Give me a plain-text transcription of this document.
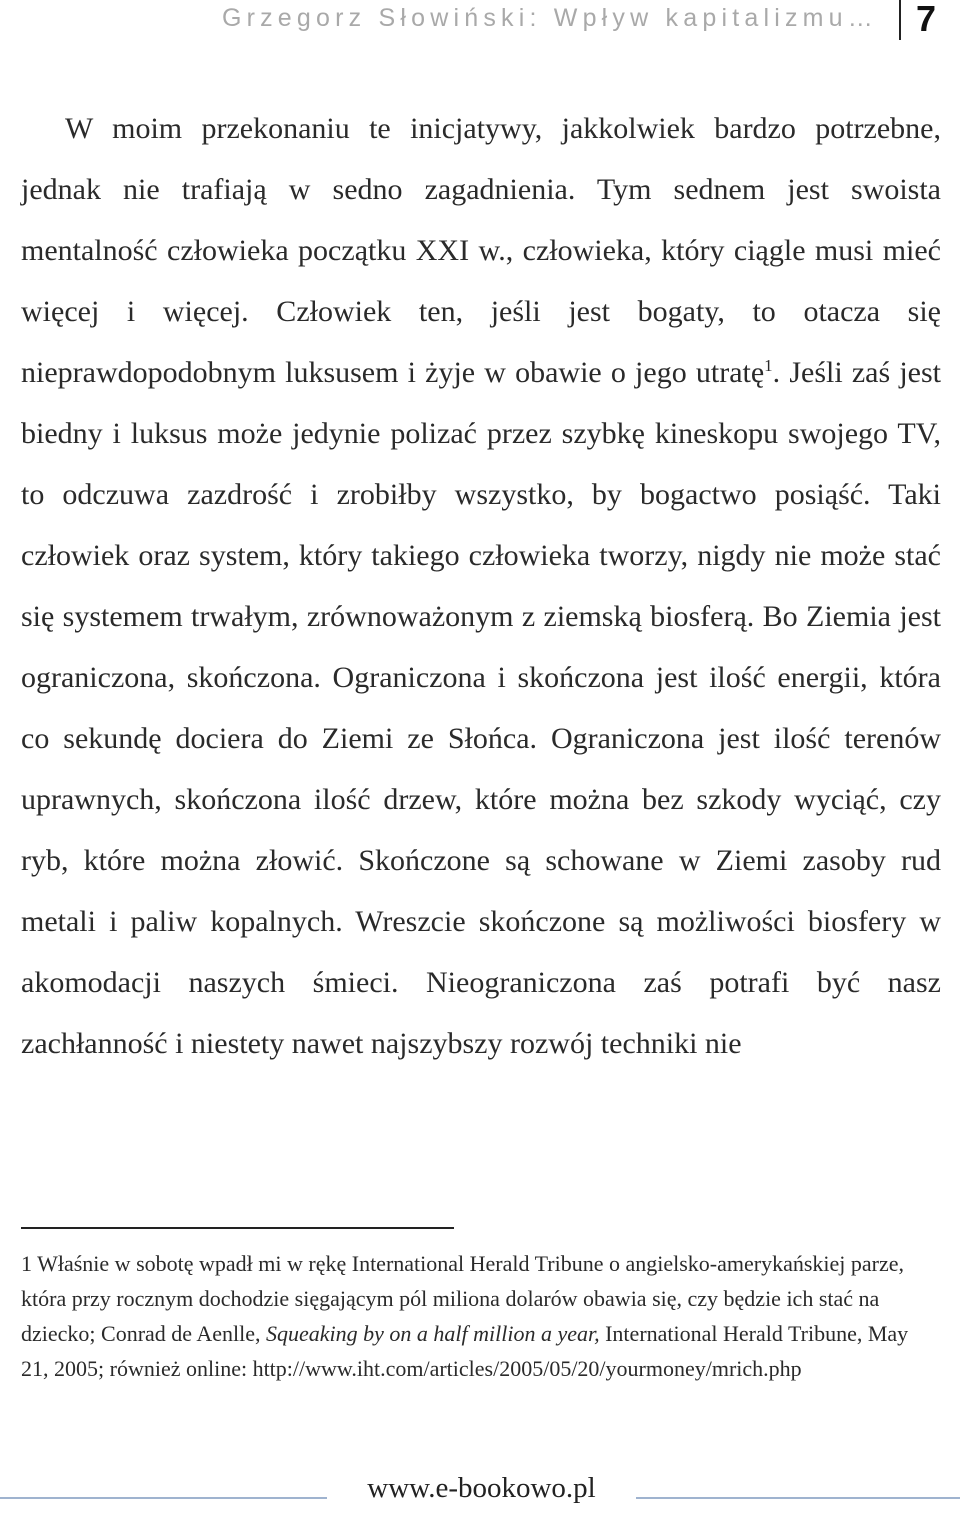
Grzegorz Słowiński: Wpływ kapitalizmu… 7

W moim przekonaniu te inicjatywy, jakkolwiek bardzo potrzebne, jednak nie trafiają w sedno zagadnienia. Tym sednem jest swoista mentalność człowieka początku XXI w., człowieka, który ciągle musi mieć więcej i więcej. Człowiek ten, jeśli jest bogaty, to otacza się nieprawdopodobnym luksusem i żyje w obawie o jego utratę$^1$. Jeśli zaś jest biedny i luksus może jedynie polizać przez szybkę kineskopu swojego TV, to odczuwa zazdrość i zrobiłby wszystko, by bogactwo posiąść. Taki człowiek oraz system, który takiego człowieka tworzy, nigdy nie może stać się systemem trwałym, zrównoważonym z ziemską biosferą. Bo Ziemia jest ograniczona, skończona. Ograniczona i skończona jest ilość energii, która co sekundę dociera do Ziemi ze Słońca. Ograniczona jest ilość terenów uprawnych, skończona ilość drzew, które można bez szkody wyciąć, czy ryb, które można złowić. Skończone są schowane w Ziemi zasoby rud metali i paliw kopalnych. Wreszcie skończone są możliwości biosfery w akomodacji naszych śmieci. Nieograniczona zaś potrafi być nasz zachłanność i niestety nawet najszybszy rozwój techniki nie

1 Właśnie w sobotę wpadł mi w rękę International Herald Tribune o angielsko-amerykańskiej parze, która przy rocznym dochodzie sięgającym pól miliona dolarów obawia się, czy będzie ich stać na dziecko; Conrad de Aenlle, Squeaking by on a half million a year, International Herald Tribune, May 21, 2005; również online: http://www.iht.com/articles/2005/05/20/yourmoney/mrich.php

www.e-bookowo.pl
